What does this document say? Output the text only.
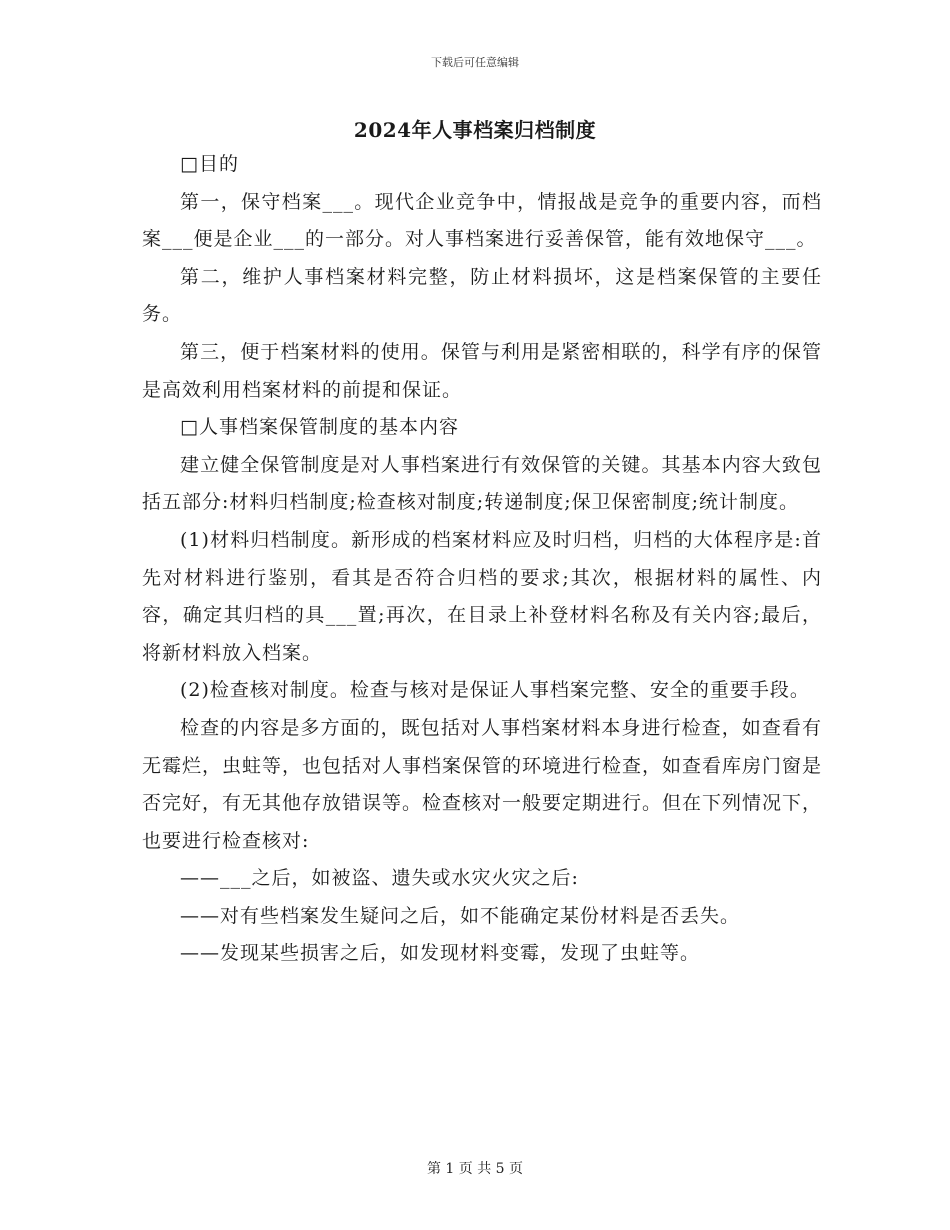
下载后可任意编辑
2024年人事档案归档制度

□目的

第一，保守档案___。现代企业竞争中，情报战是竞争的重要内容，而档案___便是企业___的一部分。对人事档案进行妥善保管，能有效地保守___。

第二，维护人事档案材料完整，防止材料损坏，这是档案保管的主要任务。

第三，便于档案材料的使用。保管与利用是紧密相联的，科学有序的保管是高效利用档案材料的前提和保证。

□人事档案保管制度的基本内容

建立健全保管制度是对人事档案进行有效保管的关键。其基本内容大致包括五部分:材料归档制度;检查核对制度;转递制度;保卫保密制度;统计制度。

(1)材料归档制度。新形成的档案材料应及时归档，归档的大体程序是:首先对材料进行鉴别，看其是否符合归档的要求;其次，根据材料的属性、内容，确定其归档的具___置;再次，在目录上补登材料名称及有关内容;最后，将新材料放入档案。

(2)检查核对制度。检查与核对是保证人事档案完整、安全的重要手段。

检查的内容是多方面的，既包括对人事档案材料本身进行检查，如查看有无霉烂，虫蛀等，也包括对人事档案保管的环境进行检查，如查看库房门窗是否完好，有无其他存放错误等。检查核对一般要定期进行。但在下列情况下，也要进行检查核对:

——___之后，如被盗、遗失或水灾火灾之后:

——对有些档案发生疑问之后，如不能确定某份材料是否丢失。

——发现某些损害之后，如发现材料变霉，发现了虫蛀等。

第 1 页 共 5 页
